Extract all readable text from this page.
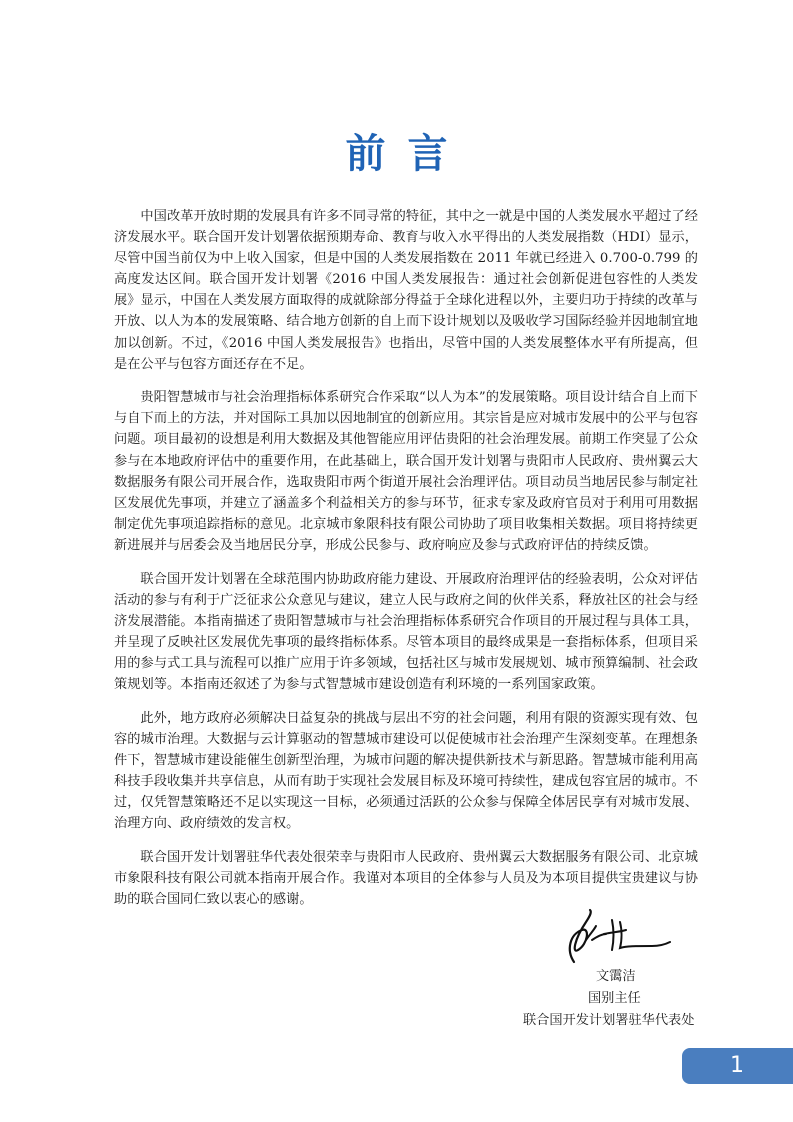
前言

中国改革开放时期的发展具有许多不同寻常的特征，其中之一就是中国的人类发展水平超过了经济发展水平。联合国开发计划署依据预期寿命、教育与收入水平得出的人类发展指数（HDI）显示，尽管中国当前仅为中上收入国家，但是中国的人类发展指数在 2011 年就已经进入 0.700-0.799 的高度发达区间。联合国开发计划署《2016 中国人类发展报告：通过社会创新促进包容性的人类发展》显示，中国在人类发展方面取得的成就除部分得益于全球化进程以外，主要归功于持续的改革与开放、以人为本的发展策略、结合地方创新的自上而下设计规划以及吸收学习国际经验并因地制宜地加以创新。不过，《2016 中国人类发展报告》也指出，尽管中国的人类发展整体水平有所提高，但是在公平与包容方面还存在不足。

贵阳智慧城市与社会治理指标体系研究合作采取“以人为本”的发展策略。项目设计结合自上而下与自下而上的方法，并对国际工具加以因地制宜的创新应用。其宗旨是应对城市发展中的公平与包容问题。项目最初的设想是利用大数据及其他智能应用评估贵阳的社会治理发展。前期工作突显了公众参与在本地政府评估中的重要作用，在此基础上，联合国开发计划署与贵阳市人民政府、贵州翼云大数据服务有限公司开展合作，选取贵阳市两个街道开展社会治理评估。项目动员当地居民参与制定社区发展优先事项，并建立了涵盖多个利益相关方的参与环节，征求专家及政府官员对于利用可用数据制定优先事项追踪指标的意见。北京城市象限科技有限公司协助了项目收集相关数据。项目将持续更新进展并与居委会及当地居民分享，形成公民参与、政府响应及参与式政府评估的持续反馈。

联合国开发计划署在全球范围内协助政府能力建设、开展政府治理评估的经验表明，公众对评估活动的参与有利于广泛征求公众意见与建议，建立人民与政府之间的伙伴关系，释放社区的社会与经济发展潜能。本指南描述了贵阳智慧城市与社会治理指标体系研究合作项目的开展过程与具体工具，并呈现了反映社区发展优先事项的最终指标体系。尽管本项目的最终成果是一套指标体系，但项目采用的参与式工具与流程可以推广应用于许多领域，包括社区与城市发展规划、城市预算编制、社会政策规划等。本指南还叙述了为参与式智慧城市建设创造有利环境的一系列国家政策。

此外，地方政府必须解决日益复杂的挑战与层出不穷的社会问题，利用有限的资源实现有效、包容的城市治理。大数据与云计算驱动的智慧城市建设可以促使城市社会治理产生深刻变革。在理想条件下，智慧城市建设能催生创新型治理，为城市问题的解决提供新技术与新思路。智慧城市能利用高科技手段收集并共享信息，从而有助于实现社会发展目标及环境可持续性，建成包容宜居的城市。不过，仅凭智慧策略还不足以实现这一目标，必须通过活跃的公众参与保障全体居民享有对城市发展、治理方向、政府绩效的发言权。

联合国开发计划署驻华代表处很荣幸与贵阳市人民政府、贵州翼云大数据服务有限公司、北京城市象限科技有限公司就本指南开展合作。我谨对本项目的全体参与人员及为本项目提供宝贵建议与协助的联合国同仁致以衷心的感谢。

文霭洁
国别主任
联合国开发计划署驻华代表处
1
